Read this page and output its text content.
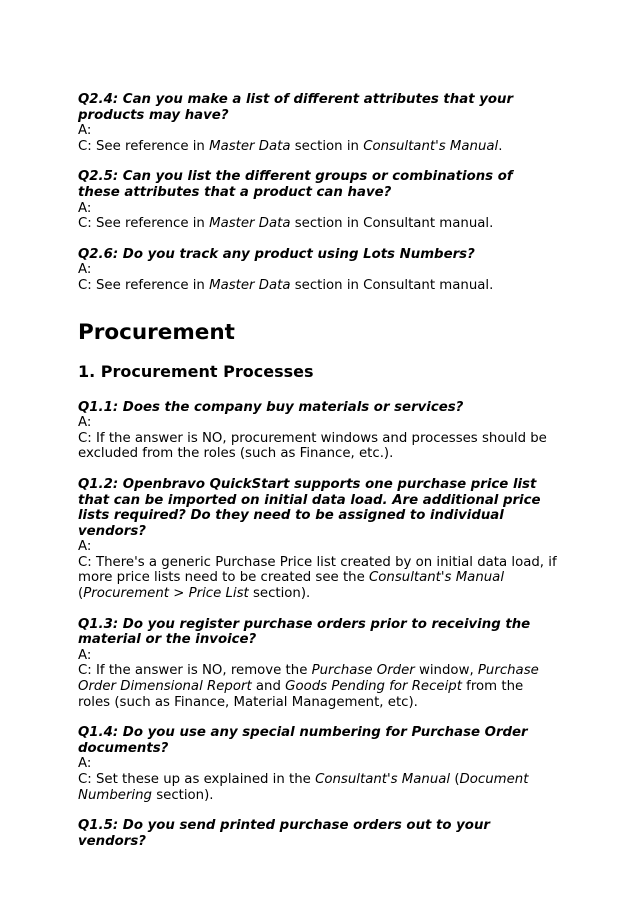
Q2.4: Can you make a list of different attributes that your products may have?

A:

C: See reference in Master Data section in Consultant's Manual.

Q2.5: Can you list the different groups or combinations of these attributes that a product can have?

A:

C: See reference in Master Data section in Consultant manual.

Q2.6: Do you track any product using Lots Numbers?

A:

C: See reference in Master Data section in Consultant manual.

Procurement
1. Procurement Processes

Q1.1: Does the company buy materials or services?

A:

C: If the answer is NO, procurement windows and processes should be excluded from the roles (such as Finance, etc.).

Q1.2: Openbravo QuickStart supports one purchase price list that can be imported on initial data load. Are additional price lists required? Do they need to be assigned to individual vendors?

A:

C: There's a generic Purchase Price list created by on initial data load, if more price lists need to be created see the Consultant's Manual (Procurement > Price List section).

Q1.3: Do you register purchase orders prior to receiving the material or the invoice?

A:

C: If the answer is NO, remove the Purchase Order window, Purchase Order Dimensional Report and Goods Pending for Receipt from the roles (such as Finance, Material Management, etc).

Q1.4: Do you use any special numbering for Purchase Order documents?

A:

C: Set these up as explained in the Consultant's Manual (Document Numbering section).

Q1.5: Do you send printed purchase orders out to your vendors?
